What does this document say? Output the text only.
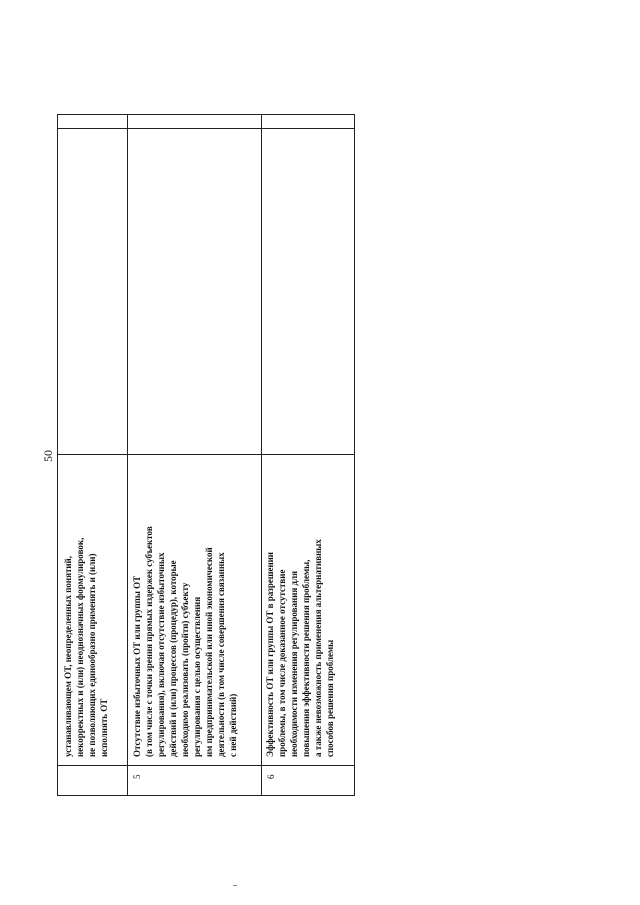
50
устанавливающем ОТ, неопределенных понятий, некорректных и (или) неоднозначных формулировок, не позволяющих единообразно применять и (или) исполнять ОТ
5
Отсутствие избыточных ОТ или группы ОТ (в том числе с точки зрения прямых издержек субъектов регулирования), включая отсутствие избыточных действий и (или) процессов (процедур), которые необходимо реализовать (пройти) субъекту регулирования с целью осуществления им предпринимательской или иной экономической деятельности (в том числе совершения связанных с ней действий)
6
Эффективность ОТ или группы ОТ в разрешении проблемы, в том числе доказанное отсутствие необходимости изменения регулирования для повышения эффективности решения проблемы, а также невозможность применения альтернативных способов решения проблемы
